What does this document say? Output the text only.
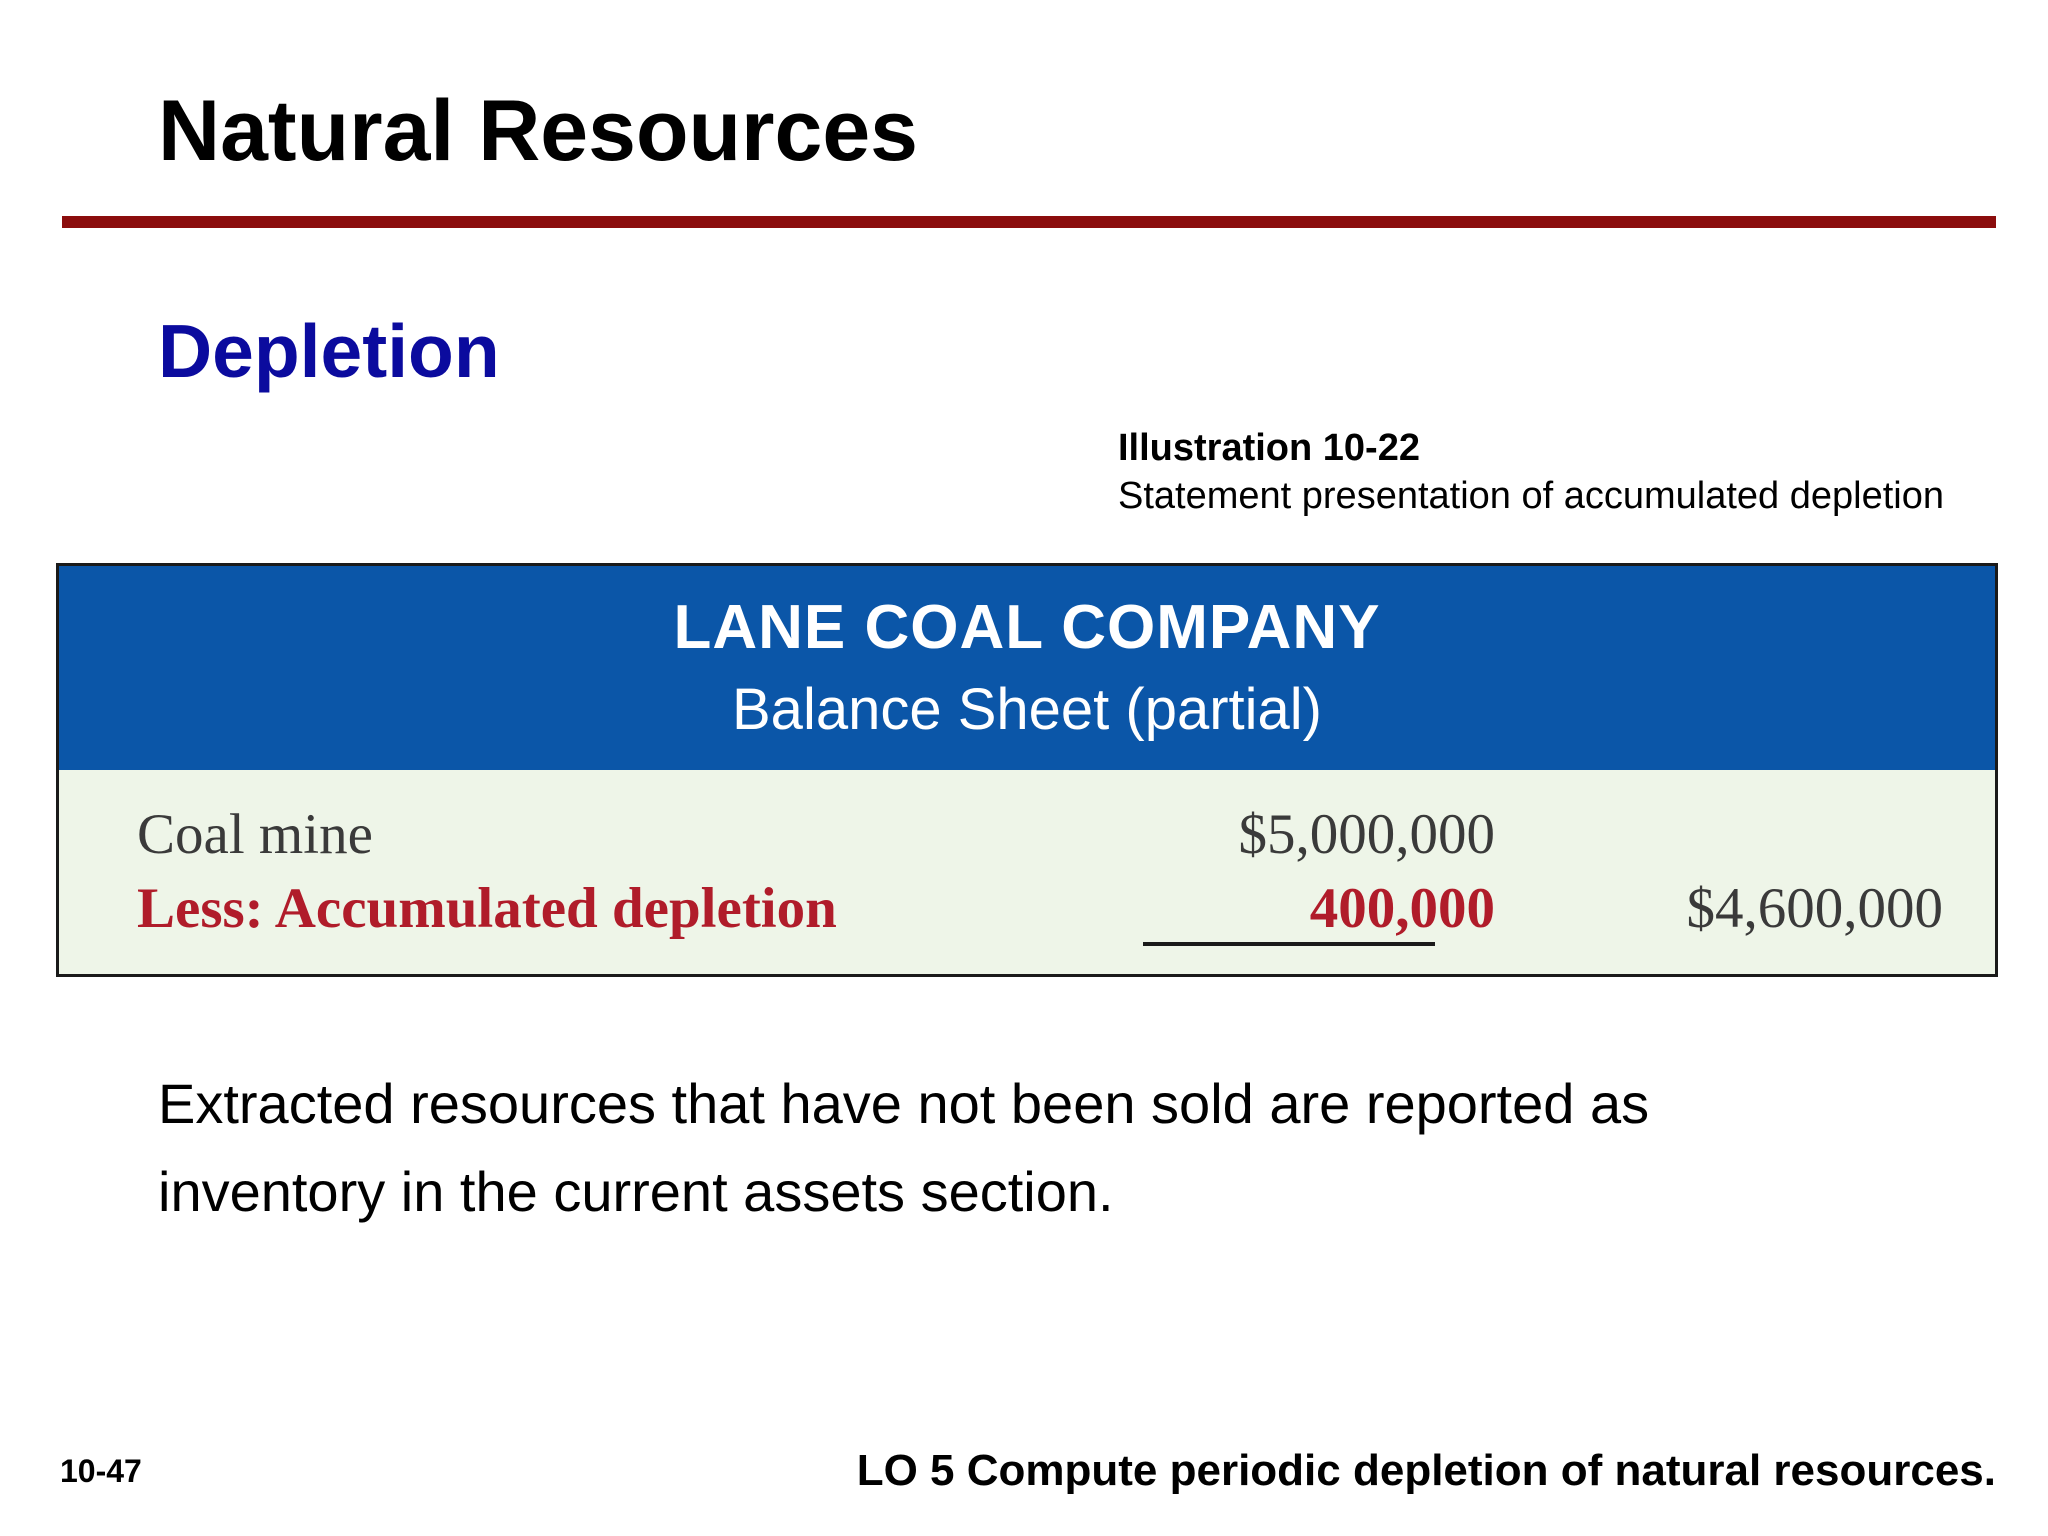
Natural Resources
Depletion
Illustration 10-22
Statement presentation of accumulated depletion
LANE COAL COMPANY
Balance Sheet (partial)
Coal mine	$5,000,000
Less: Accumulated depletion	400,000	$4,600,000
Extracted resources that have not been sold are reported as inventory in the current assets section.
10-47	LO 5 Compute periodic depletion of natural resources.
